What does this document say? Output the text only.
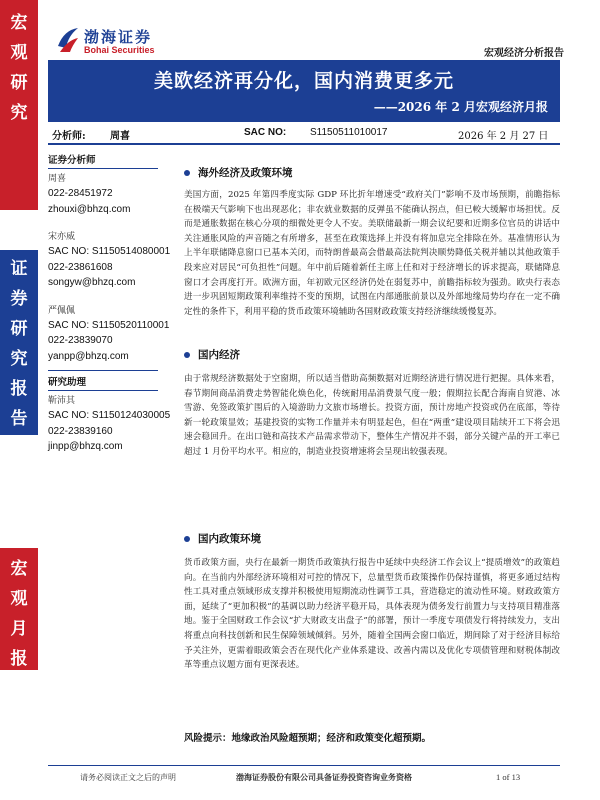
宏
观
研
究
证
券
研
究
报
告
宏
观
月
报
渤海证券
Bohai Securities	宏观经济分析报告
美欧经济再分化，国内消费更多元
——2026 年 2 月宏观经济月报
分析师: 周喜	SAC NO: S1150511010017	2026 年 2 月 27 日
证券分析师
周喜
022-28451972
zhouxi@bhzq.com
宋亦威
SAC NO: S1150514080001
022-23861608
songyw@bhzq.com
严佩佩
SAC NO: S1150520110001
022-23839070
yanpp@bhzq.com
研究助理
靳沛其
SAC NO: S1150124030005
022-23839160
jinpp@bhzq.com
海外经济及政策环境
美国方面，2025 年第四季度实际 GDP 环比折年增速受“政府关门”影响不及市场预期，前瞻指标在极端天气影响下也出现恶化；非农就业数据的反弹虽不能确认拐点，但已較大缓解市场担忧。反而是通胀数据在核心分项的细微处更令人不安。美联储最新一期会议纪要和近期多位官员的讲话中关注通胀风险的声音随之有所增多，甚至在政策选择上并没有将加息完全排除在外。基准情形认为上半年联储降息窗口已基本关闭，而特朗普最高会借最高法院判决顺势降低关税并辅以其他政策手段来应对居民“可负担性”问题。年中前后随着新任主席上任和对于经济增长的诉求提高，联储降息窗口才会再度打开。欧洲方面，年初欧元区经济仍处在弱复苏中，前瞻指标较为强劲。欧央行表态进一步巩固短期政策利率维持不变的预期，试图在内部通胀前景以及外部地缘局势均存在一定不确定性的条件下，利用平稳的货币政策环境辅助各国财政政策支持经济继续缓慢复苏。
国内经济
由于常规经济数据处于空窗期，所以适当借助高频数据对近期经济进行情况进行把握。具体来看，春节期间商品消费走势智能化焕色化，传统耐用品消费景气度一般；假期拉长配合海南自贸港、冰雪游、免签政策扩围后的入境游助力文旅市场增长。投资方面，预计房地产投资或仍在底部，等待新一轮政策显效；基建投资的实物工作量并未有明显起色，但在“两重”建设项目陆续开工下将会迅速会稳回升。在出口链和高技术产品需求带动下，整体生产情况并不弱，部分关键产品的开工率已超过 1 月份平均水平。相应的，制造业投资增速将会呈现出较强表现。
国内政策环境
货币政策方面，央行在最新一期货币政策执行报告中延续中央经济工作会议上“提质增效”的政策趋向。在当前内外部经济环境相对可控的情况下，总量型货币政策操作仍保持谨慎，将更多通过结构性工具对重点领域形成支撑并积极使用短期流动性调节工具，营造稳定的流动性环境。财政政策方面，延续了“更加积极”的基调以助力经济平稳开局，具体表现为债务发行前置力与支持项目精准落地。鉴于全国财政工作会议“扩大财政支出盘子”的部署，预计一季度专项债发行将持续发力，支出将重点向科技创新和民生保障领域倾斜。另外，随着全国两会窗口临近，期间除了对于经济目标给予关注外，更需着眼政策会否在现代化产业体系建设、改善内需以及优化专项债管理和财税体制改革等重点议题方面有更深表述。
风险提示：地缘政治风险超预期；经济和政策变化超预期。
请务必阅读正文之后的声明	渤海证券股份有限公司具备证券投资咨询业务资格	1 of 13
